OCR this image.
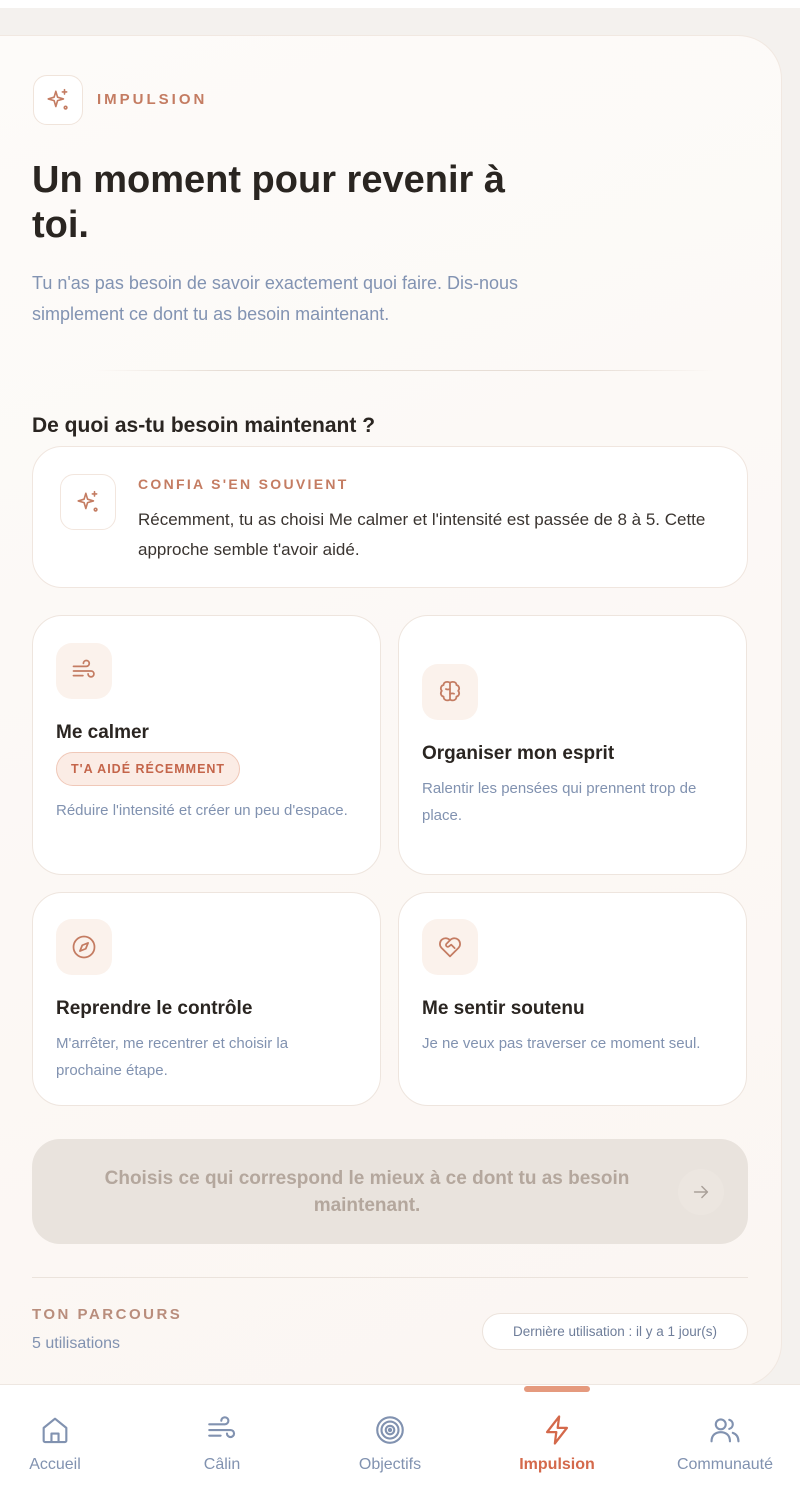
IMPULSION
Un moment pour revenir à toi.
Tu n'as pas besoin de savoir exactement quoi faire. Dis-nous simplement ce dont tu as besoin maintenant.
De quoi as-tu besoin maintenant ?
CONFIA S'EN SOUVIENT
Récemment, tu as choisi Me calmer et l'intensité est passée de 8 à 5. Cette approche semble t'avoir aidé.
Me calmer
T'A AIDÉ RÉCEMMENT
Réduire l'intensité et créer un peu d'espace.
Organiser mon esprit
Ralentir les pensées qui prennent trop de place.
Reprendre le contrôle
M'arrêter, me recentrer et choisir la prochaine étape.
Me sentir soutenu
Je ne veux pas traverser ce moment seul.
Choisis ce qui correspond le mieux à ce dont tu as besoin maintenant.
TON PARCOURS
5 utilisations
Dernière utilisation : il y a 1 jour(s)
Accueil	Câlin	Objectifs	Impulsion	Communauté
